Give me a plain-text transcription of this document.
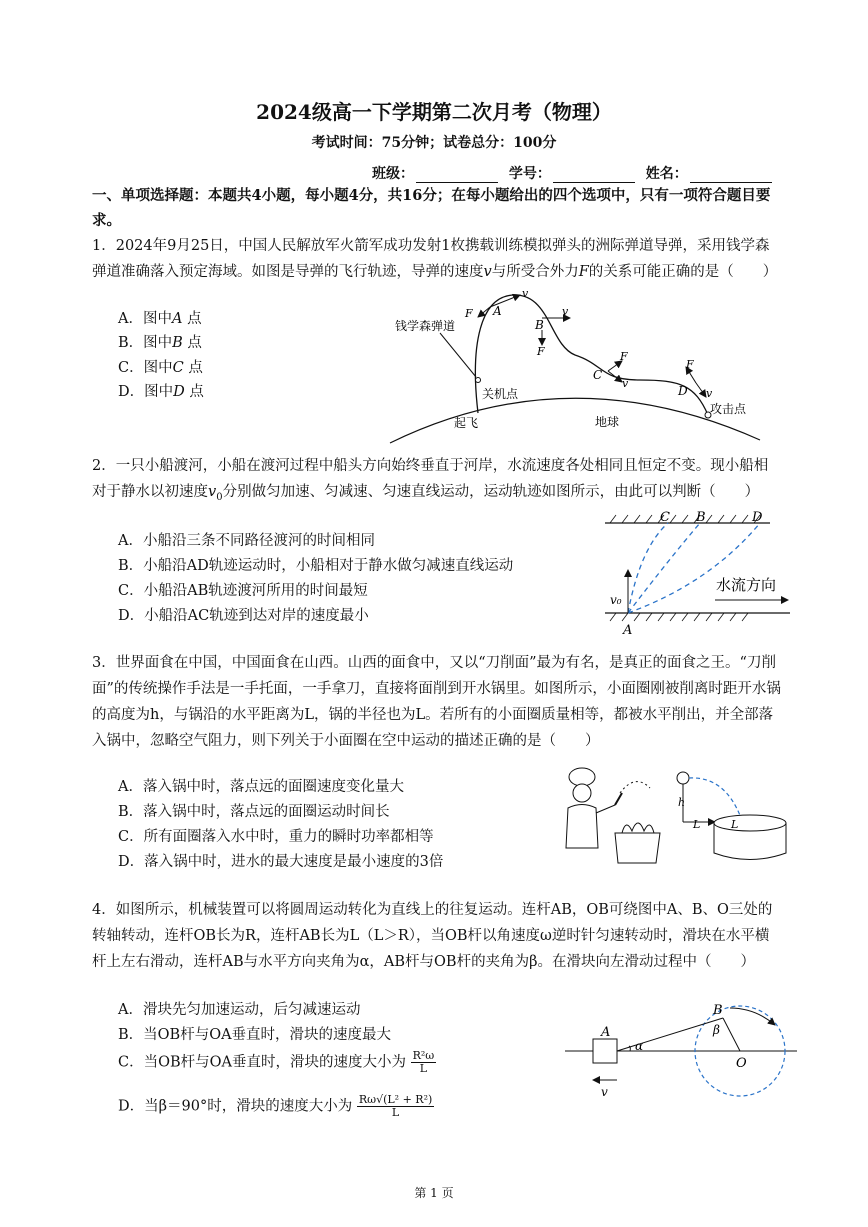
2024级高一下学期第二次月考（物理）
考试时间：75分钟；试卷总分：100分
班级：	学号：	姓名：
一、单项选择题：本题共4小题，每小题4分，共16分；在每小题给出的四个选项中，只有一项符合题目要求。
1．2024年9月25日，中国人民解放军火箭军成功发射1枚携载训练模拟弹头的洲际弹道导弹，采用钱学森弹道准确落入预定海域。如图是导弹的飞行轨迹，导弹的速度v与所受合外力F的关系可能正确的是（　　）
A．图中A 点
B．图中B 点
C．图中C 点
D．图中D 点
钱学森弹道
关机点
起飞	地球
攻击点
F
v
A
B
v
F
C
F
v
D
F
v
2．一只小船渡河，小船在渡河过程中船头方向始终垂直于河岸，水流速度各处相同且恒定不变。现小船相对于静水以初速度$v_0$分别做匀加速、匀减速、匀速直线运动，运动轨迹如图所示，由此可以判断（　　）
A．小船沿三条不同路径渡河的时间相同
B．小船沿AD轨迹运动时，小船相对于静水做匀减速直线运动
C．小船沿AB轨迹渡河所用的时间最短
D．小船沿AC轨迹到达对岸的速度最小
C B	D
A
v₀
水流方向
3．世界面食在中国，中国面食在山西。山西的面食中，又以“刀削面”最为有名，是真正的面食之王。“刀削面”的传统操作手法是一手托面，一手拿刀，直接将面削到开水锅里。如图所示，小面圈刚被削离时距开水锅的高度为h，与锅沿的水平距离为L，锅的半径也为L。若所有的小面圈质量相等，都被水平削出，并全部落入锅中，忽略空气阻力，则下列关于小面圈在空中运动的描述正确的是（　　）
A．落入锅中时，落点远的面圈速度变化量大
B．落入锅中时，落点远的面圈运动时间长
C．所有面圈落入水中时，重力的瞬时功率都相等
D．落入锅中时，进水的最大速度是最小速度的3倍
h
L	L
4．如图所示，机械装置可以将圆周运动转化为直线上的往复运动。连杆AB，OB可绕图中A、B、O三处的转轴转动，连杆OB长为R，连杆AB长为L（L＞R），当OB杆以角速度ω逆时针匀速转动时，滑块在水平横杆上左右滑动，连杆AB与水平方向夹角为α，AB杆与OB杆的夹角为β。在滑块向左滑动过程中（　　）
A．滑块先匀加速运动，后匀减速运动
B．当OB杆与OA垂直时，滑块的速度最大
C．当OB杆与OA垂直时，滑块的速度大小为 $\frac{\text{R²ω}}{L}$
D．当β＝90°时，滑块的速度大小为 $\frac{\text{Rω√(L² + R²)}}{L}$
A
B
O
α
β
v
第 1 页
